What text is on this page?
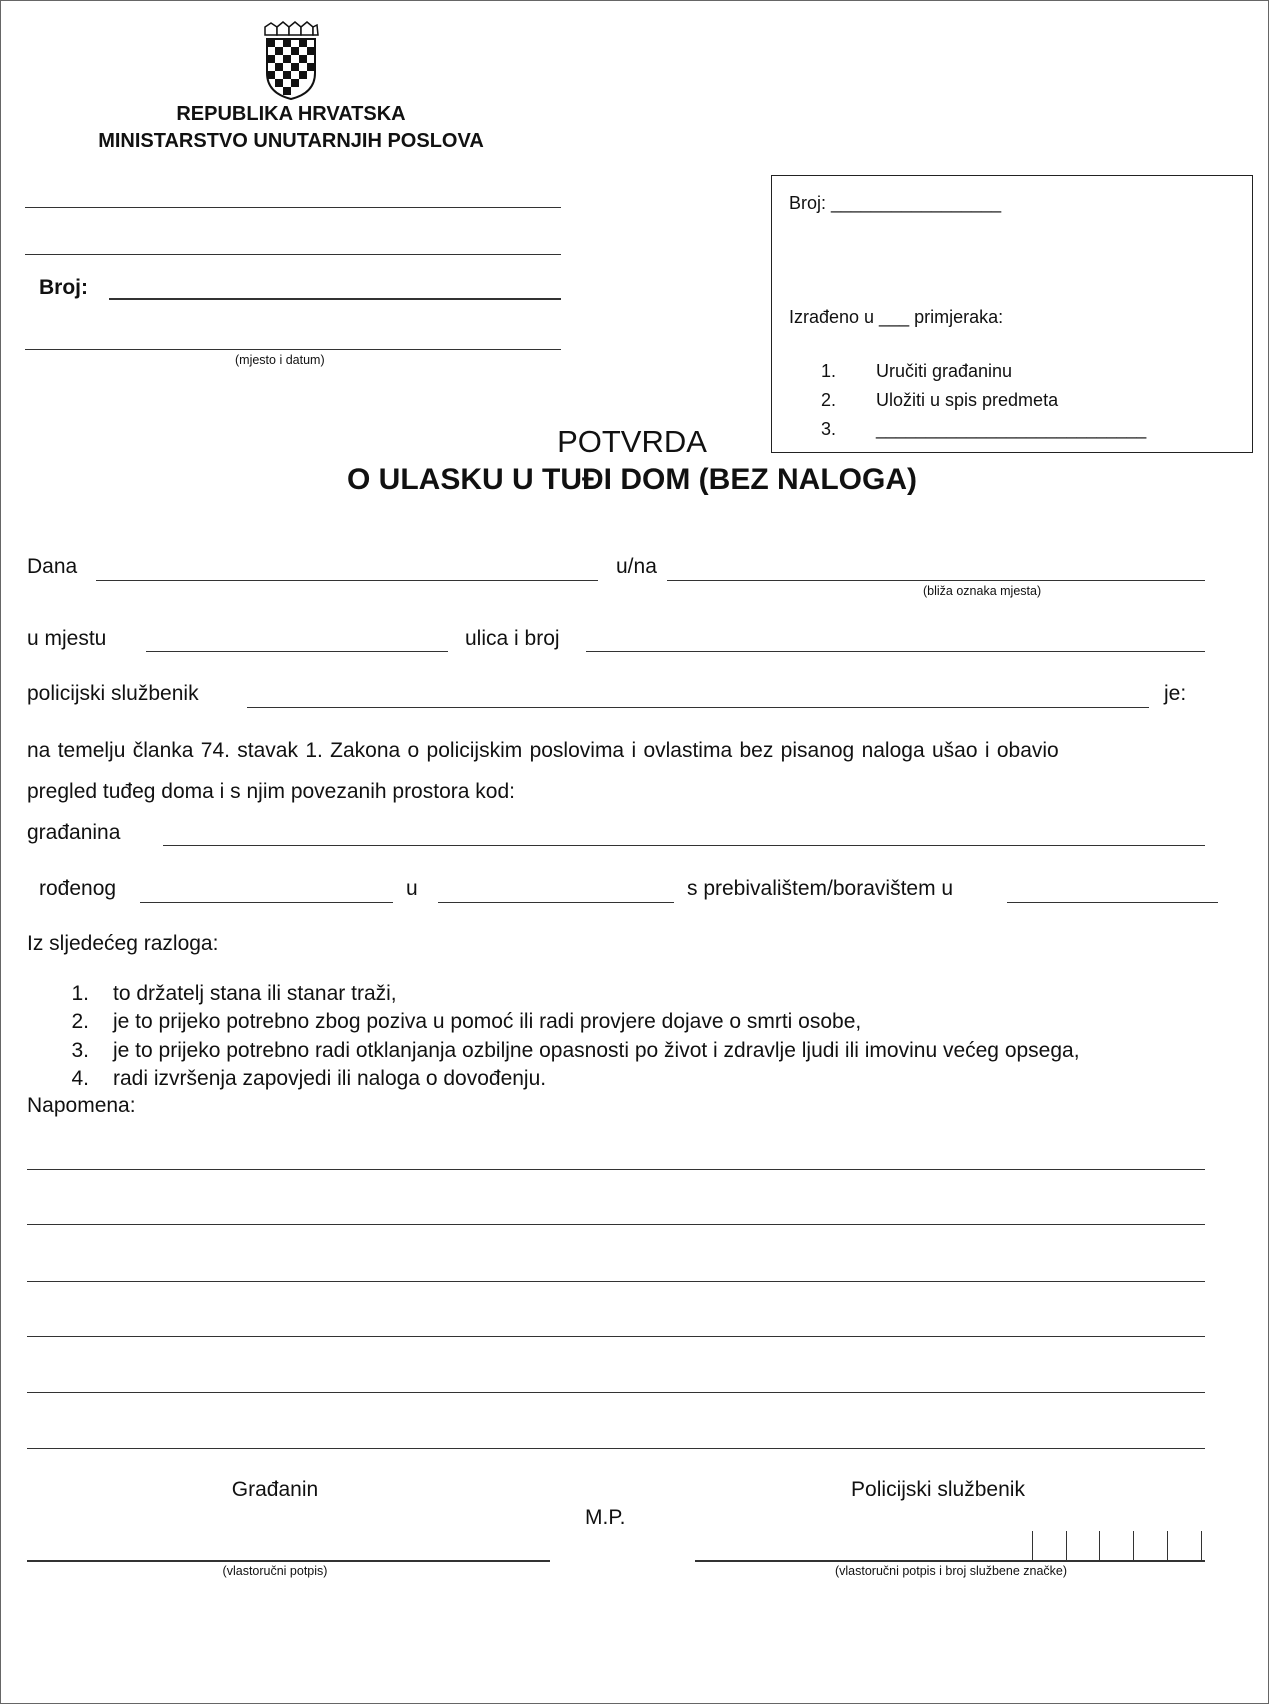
REPUBLIKA HRVATSKA
MINISTARSTVO UNUTARNJIH POSLOVA
Broj:
(mjesto i datum)
Broj: _________________
Izrađeno u ___ primjeraka:
1. Uručiti građaninu
2. Uložiti u spis predmeta
3. ___________________________
POTVRDA
O ULASKU U TUĐI DOM (BEZ NALOGA)
Dana	u/na
(bliža oznaka mjesta)
u mjestu	ulica i broj
policijski službenik	je:
na temelju članka 74. stavak 1. Zakona o policijskim poslovima i ovlastima bez pisanog naloga ušao i obavio
pregled tuđeg doma i s njim povezanih prostora kod:
građanina
rođenog	u	s prebivalištem/boravištem u
Iz sljedećeg razloga:
1. to držatelj stana ili stanar traži,
2. je to prijeko potrebno zbog poziva u pomoć ili radi provjere dojave o smrti osobe,
3. je to prijeko potrebno radi otklanjanja ozbiljne opasnosti po život i zdravlje ljudi ili imovinu većeg opsega,
4. radi izvršenja zapovjedi ili naloga o dovođenju.
Napomena:
Građanin
M.P.
Policijski službenik
(vlastoručni potpis)	(vlastoručni potpis i broj službene značke)
